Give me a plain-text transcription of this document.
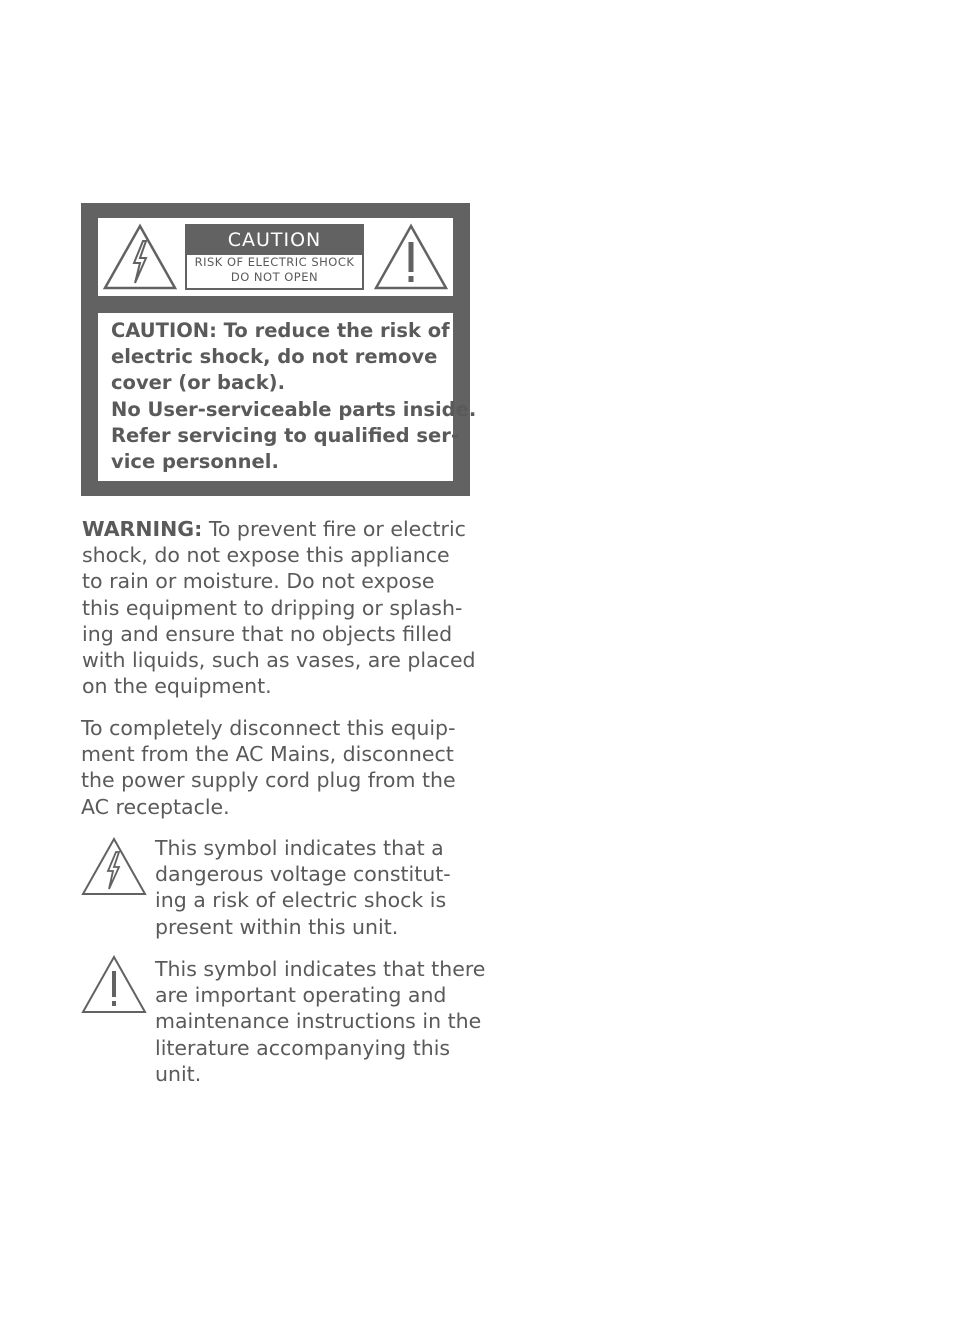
CAUTION
RISK OF ELECTRIC SHOCK
DO NOT OPEN

CAUTION: To reduce the risk of

electric shock, do not remove

cover (or back).

No User-serviceable parts inside.

Refer servicing to qualified ser-

vice personnel.

WARNING: To prevent fire or electric
shock, do not expose this appliance
to rain or moisture. Do not expose
this equipment to dripping or splash-
ing and ensure that no objects filled
with liquids, such as vases, are placed
on the equipment.
To completely disconnect this equip-
ment from the AC Mains, disconnect
the power supply cord plug from the
AC receptacle.
This symbol indicates that a
dangerous voltage constitut-
ing a risk of electric shock is
present within this unit.
This symbol indicates that there
are important operating and
maintenance instructions in the
literature accompanying this
unit.
